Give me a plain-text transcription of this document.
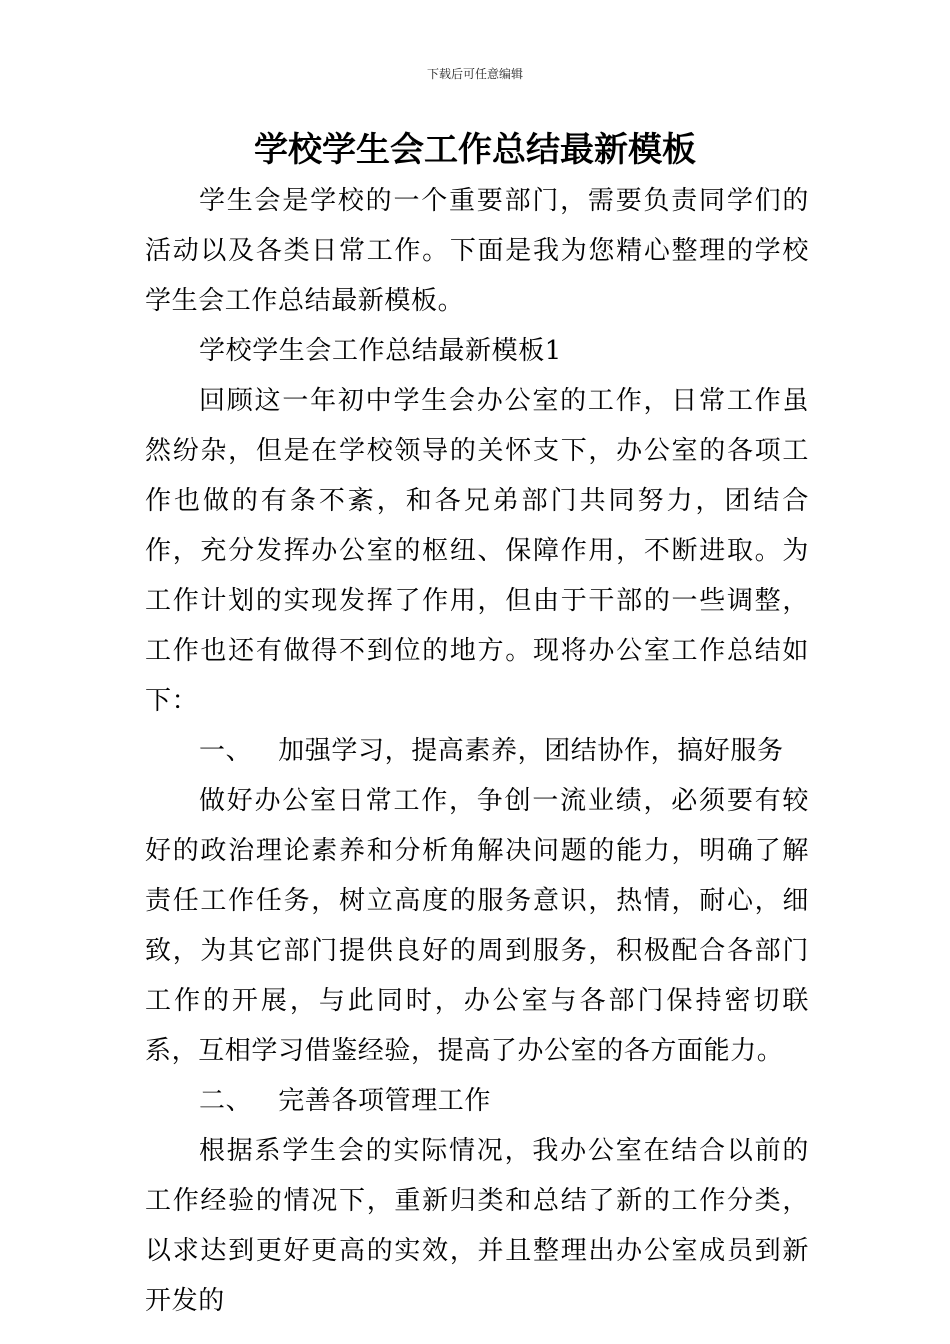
下载后可任意编辑
学校学生会工作总结最新模板

学生会是学校的一个重要部门，需要负责同学们的活动以及各类日常工作。下面是我为您精心整理的学校学生会工作总结最新模板。

学校学生会工作总结最新模板1

回顾这一年初中学生会办公室的工作，日常工作虽然纷杂，但是在学校领导的关怀支下，办公室的各项工作也做的有条不紊，和各兄弟部门共同努力，团结合作，充分发挥办公室的枢纽、保障作用，不断进取。为工作计划的实现发挥了作用，但由于干部的一些调整，工作也还有做得不到位的地方。现将办公室工作总结如下：

一、 加强学习，提高素养，团结协作，搞好服务

做好办公室日常工作，争创一流业绩，必须要有较好的政治理论素养和分析角解决问题的能力，明确了解责任工作任务，树立高度的服务意识，热情，耐心，细致，为其它部门提供良好的周到服务，积极配合各部门工作的开展，与此同时，办公室与各部门保持密切联系，互相学习借鉴经验，提高了办公室的各方面能力。

二、 完善各项管理工作

根据系学生会的实际情况，我办公室在结合以前的工作经验的情况下，重新归类和总结了新的工作分类，以求达到更好更高的实效，并且整理出办公室成员到新开发的
